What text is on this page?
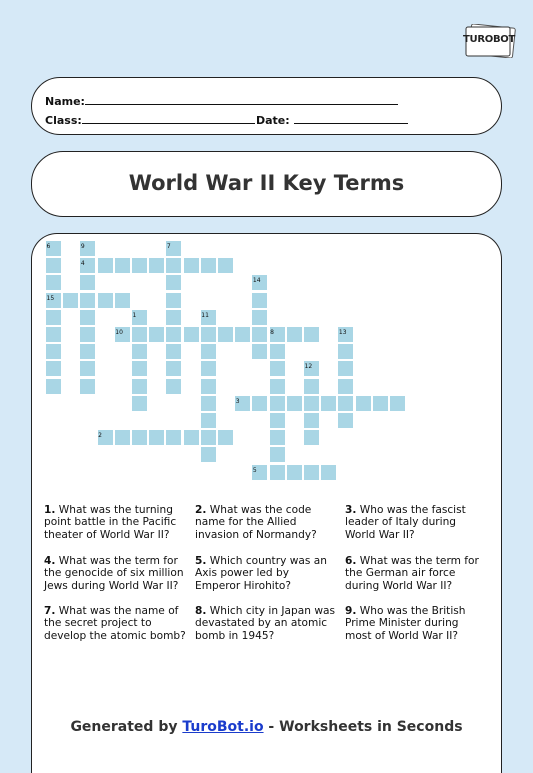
TUROBOT
Name:
Class:	Date:
World War II Key Terms
6	9	7
4
14
15
1	11
10	8	13
12
3
2
5
1. What was the turning point battle in the Pacific theater of World War II?
2. What was the code name for the Allied invasion of Normandy?
3. Who was the fascist leader of Italy during World War II?
4. What was the term for the genocide of six million Jews during World War II?
5. Which country was an Axis power led by Emperor Hirohito?
6. What was the term for the German air force during World War II?
7. What was the name of the secret project to develop the atomic bomb?
8. Which city in Japan was devastated by an atomic bomb in 1945?
9. Who was the British Prime Minister during most of World War II?
Generated by TuroBot.io - Worksheets in Seconds
